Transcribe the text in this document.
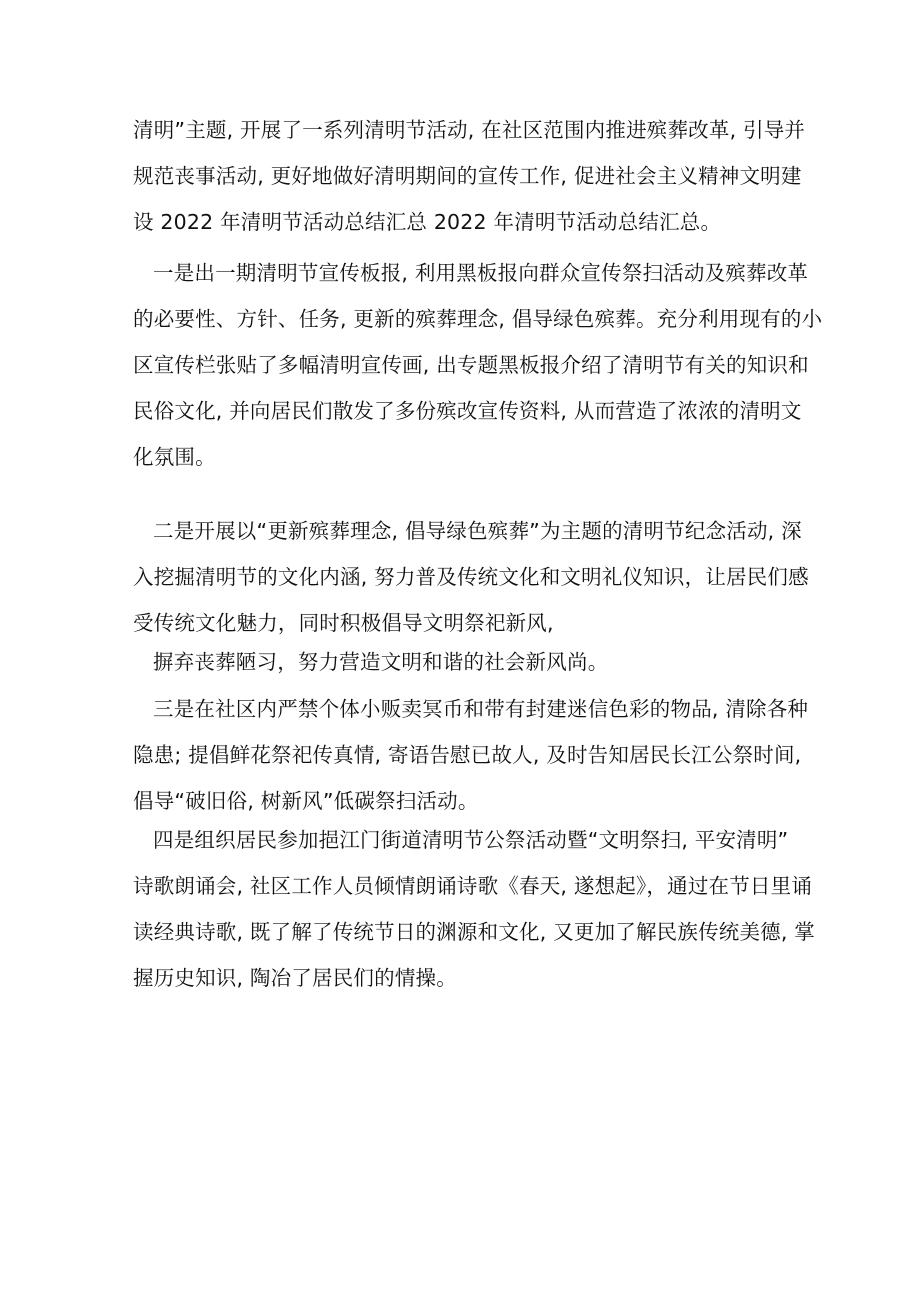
清明”主题, 开展了一系列清明节活动, 在社区范围内推进殡葬改革, 引导并
规范丧事活动, 更好地做好清明期间的宣传工作, 促进社会主义精神文明建
设 2022 年清明节活动总结汇总 2022 年清明节活动总结汇总。
一是出一期清明节宣传板报, 利用黑板报向群众宣传祭扫活动及殡葬改革
的必要性、方针、任务, 更新的殡葬理念, 倡导绿色殡葬。充分利用现有的小
区宣传栏张贴了多幅清明宣传画, 出专题黑板报介绍了清明节有关的知识和
民俗文化, 并向居民们散发了多份殡改宣传资料, 从而营造了浓浓的清明文
化氛围。
二是开展以“更新殡葬理念, 倡导绿色殡葬”为主题的清明节纪念活动, 深
入挖掘清明节的文化内涵, 努力普及传统文化和文明礼仪知识，让居民们感
受传统文化魅力，同时积极倡导文明祭祀新风,
摒弃丧葬陋习，努力营造文明和谐的社会新风尚。
三是在社区内严禁个体小贩卖冥币和带有封建迷信色彩的物品, 清除各种
隐患; 提倡鲜花祭祀传真情, 寄语告慰已故人, 及时告知居民长江公祭时间,
倡导“破旧俗, 树新风”低碳祭扫活动。
四是组织居民参加挹江门街道清明节公祭活动暨“文明祭扫, 平安清明”
诗歌朗诵会, 社区工作人员倾情朗诵诗歌《春天, 遂想起》，通过在节日里诵
读经典诗歌, 既了解了传统节日的渊源和文化, 又更加了解民族传统美德, 掌
握历史知识, 陶冶了居民们的情操。
